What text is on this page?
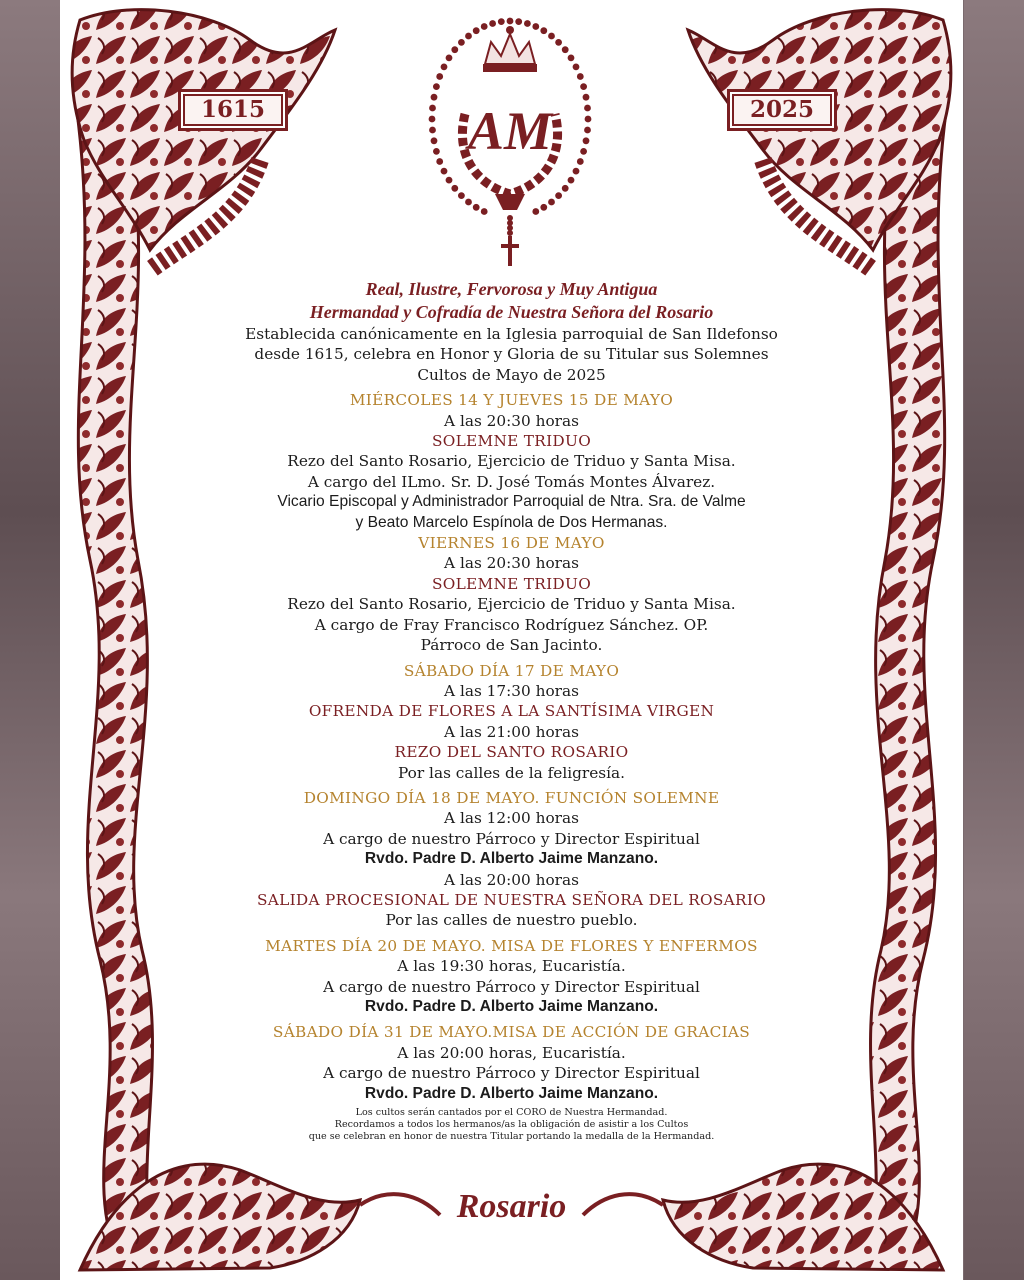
1615	2025
AM
Real, Ilustre, Fervorosa y Muy Antigua
Hermandad y Cofradía de Nuestra Señora del Rosario
Establecida canónicamente en la Iglesia parroquial de San Ildefonso
desde 1615, celebra en Honor y Gloria de su Titular sus Solemnes
Cultos de Mayo de 2025
MIÉRCOLES 14 Y JUEVES 15 DE MAYO
A las 20:30 horas
SOLEMNE TRIDUO
Rezo del Santo Rosario, Ejercicio de Triduo y Santa Misa.
A cargo del ILmo. Sr. D. José Tomás Montes Álvarez.
Vicario Episcopal y Administrador Parroquial de Ntra. Sra. de Valme
y Beato Marcelo Espínola de Dos Hermanas.
VIERNES 16 DE MAYO
A las 20:30 horas
SOLEMNE TRIDUO
Rezo del Santo Rosario, Ejercicio de Triduo y Santa Misa.
A cargo de Fray Francisco Rodríguez Sánchez. OP.
Párroco de San Jacinto.
SÁBADO DÍA 17 DE MAYO
A las 17:30 horas
OFRENDA DE FLORES A LA SANTÍSIMA VIRGEN
A las 21:00 horas
REZO DEL SANTO ROSARIO
Por las calles de la feligresía.
DOMINGO DÍA 18 DE MAYO. FUNCIÓN SOLEMNE
A las 12:00 horas
A cargo de nuestro Párroco y Director Espiritual
Rvdo. Padre D. Alberto Jaime Manzano.
A las 20:00 horas
SALIDA PROCESIONAL DE NUESTRA SEÑORA DEL ROSARIO
Por las calles de nuestro pueblo.
MARTES DÍA 20 DE MAYO. MISA DE FLORES Y ENFERMOS
A las 19:30 horas, Eucaristía.
A cargo de nuestro Párroco y Director Espiritual
Rvdo. Padre D. Alberto Jaime Manzano.
SÁBADO DÍA 31 DE MAYO.MISA DE ACCIÓN DE GRACIAS
A las 20:00 horas, Eucaristía.
A cargo de nuestro Párroco y Director Espiritual
Rvdo. Padre D. Alberto Jaime Manzano.
Los cultos serán cantados por el CORO de Nuestra Hermandad.
Recordamos a todos los hermanos/as la obligación de asistir a los Cultos
que se celebran en honor de nuestra Titular portando la medalla de la Hermandad.
Rosario
